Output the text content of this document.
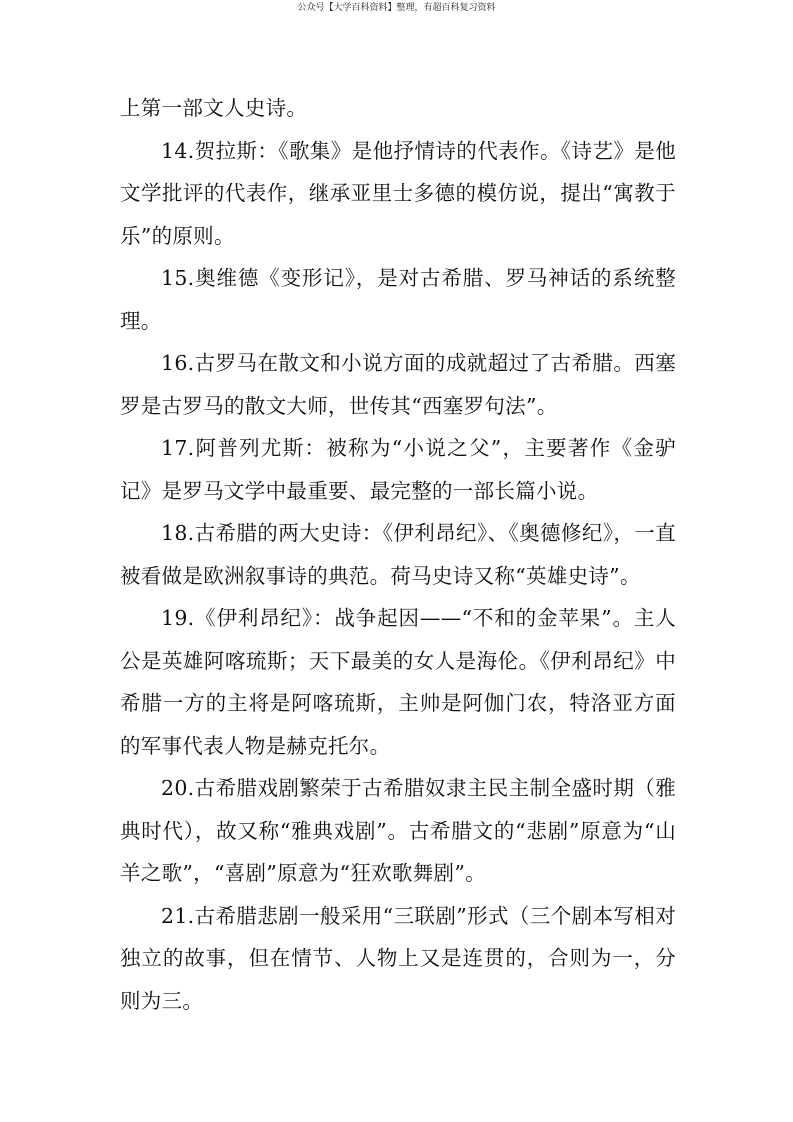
公众号【大学百科资料】整理，有超百科复习资料

上第一部文人史诗。

14.贺拉斯：《歌集》是他抒情诗的代表作。《诗艺》是他文学批评的代表作，继承亚里士多德的模仿说，提出“寓教于乐”的原则。

15.奥维德《变形记》，是对古希腊、罗马神话的系统整理。

16.古罗马在散文和小说方面的成就超过了古希腊。西塞罗是古罗马的散文大师，世传其“西塞罗句法”。

17.阿普列尤斯：被称为“小说之父”，主要著作《金驴记》是罗马文学中最重要、最完整的一部长篇小说。

18.古希腊的两大史诗：《伊利昂纪》、《奥德修纪》，一直被看做是欧洲叙事诗的典范。荷马史诗又称“英雄史诗”。

19.《伊利昂纪》：战争起因——“不和的金苹果”。主人公是英雄阿喀琉斯；天下最美的女人是海伦。《伊利昂纪》中希腊一方的主将是阿喀琉斯，主帅是阿伽门农，特洛亚方面的军事代表人物是赫克托尔。

20.古希腊戏剧繁荣于古希腊奴隶主民主制全盛时期（雅典时代），故又称“雅典戏剧”。古希腊文的“悲剧”原意为“山羊之歌”，“喜剧”原意为“狂欢歌舞剧”。

21.古希腊悲剧一般采用“三联剧”形式（三个剧本写相对独立的故事，但在情节、人物上又是连贯的，合则为一，分则为三。
